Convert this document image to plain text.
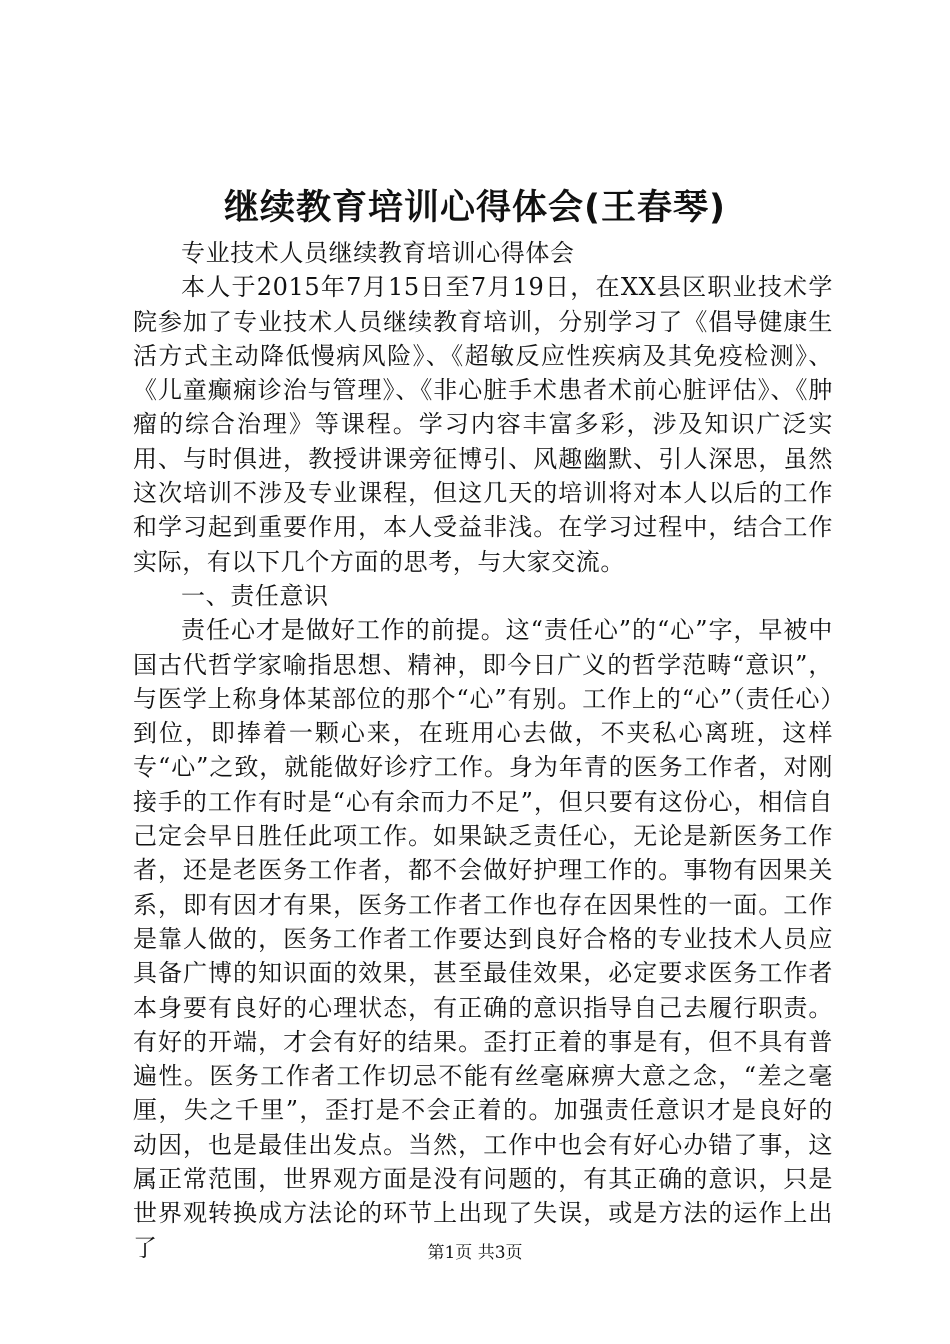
继续教育培训心得体会(王春琴)

专业技术人员继续教育培训心得体会

本人于2015年7月15日至7月19日，在XX县区职业技术学院参加了专业技术人员继续教育培训，分别学习了《倡导健康生活方式主动降低慢病风险》、《超敏反应性疾病及其免疫检测》、《儿童癫痫诊治与管理》、《非心脏手术患者术前心脏评估》、《肿瘤的综合治理》等课程。学习内容丰富多彩，涉及知识广泛实用、与时俱进，教授讲课旁征博引、风趣幽默、引人深思，虽然这次培训不涉及专业课程，但这几天的培训将对本人以后的工作和学习起到重要作用，本人受益非浅。在学习过程中，结合工作实际，有以下几个方面的思考，与大家交流。

一、责任意识

责任心才是做好工作的前提。这“责任心”的“心”字，早被中国古代哲学家喻指思想、精神，即今日广义的哲学范畴“意识”，与医学上称身体某部位的那个“心”有别。工作上的“心”（责任心）到位，即捧着一颗心来，在班用心去做，不夹私心离班，这样专“心”之致，就能做好诊疗工作。身为年青的医务工作者，对刚接手的工作有时是“心有余而力不足”，但只要有这份心，相信自己定会早日胜任此项工作。如果缺乏责任心，无论是新医务工作者，还是老医务工作者，都不会做好护理工作的。事物有因果关系，即有因才有果，医务工作者工作也存在因果性的一面。工作是靠人做的，医务工作者工作要达到良好合格的专业技术人员应具备广博的知识面的效果，甚至最佳效果，必定要求医务工作者本身要有良好的心理状态，有正确的意识指导自己去履行职责。有好的开端，才会有好的结果。歪打正着的事是有，但不具有普遍性。医务工作者工作切忌不能有丝毫麻痹大意之念，“差之毫厘，失之千里”，歪打是不会正着的。加强责任意识才是良好的动因，也是最佳出发点。当然，工作中也会有好心办错了事，这属正常范围，世界观方面是没有问题的，有其正确的意识，只是世界观转换成方法论的环节上出现了失误，或是方法的运作上出了	第1页 共3页
